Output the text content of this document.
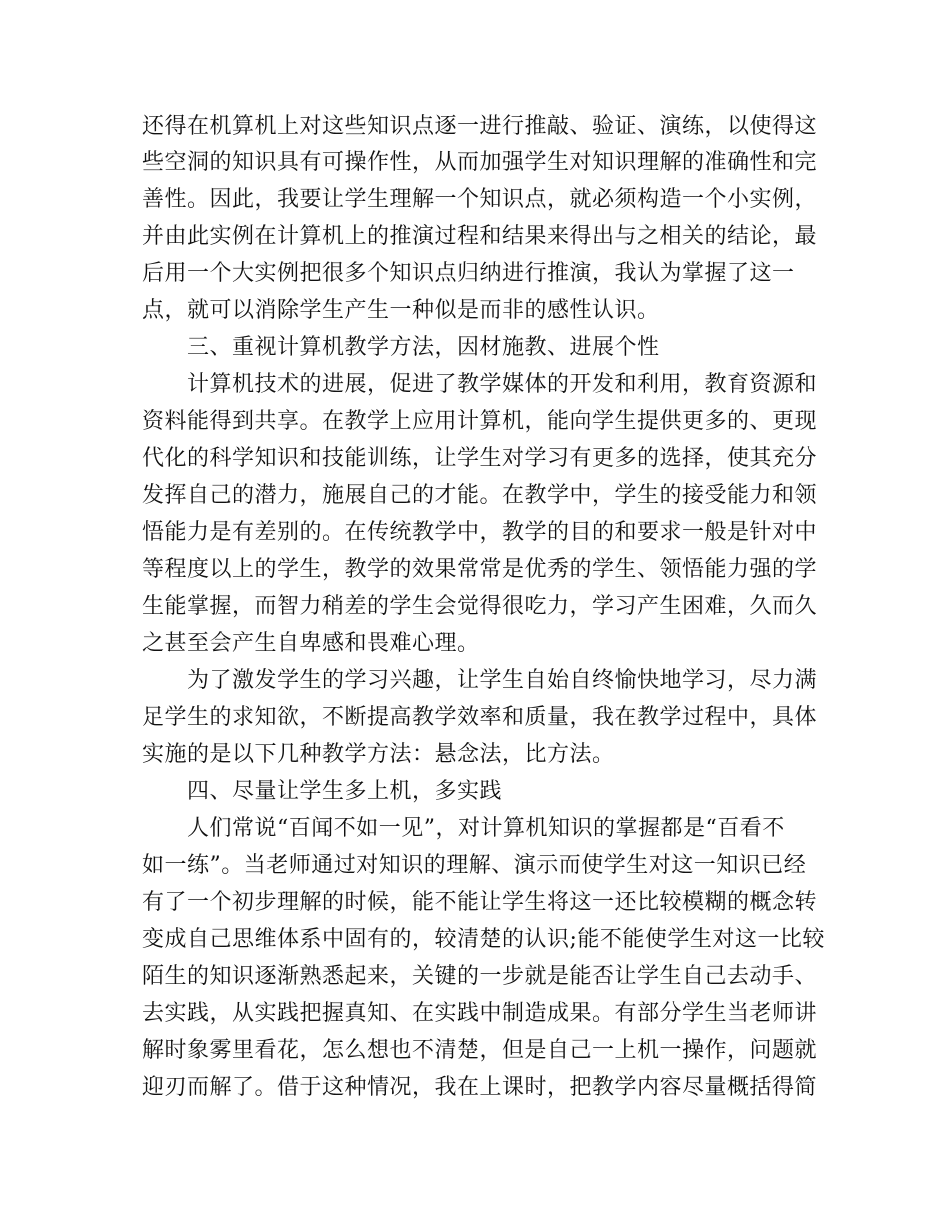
还得在机算机上对这些知识点逐一进行推敲、验证、演练，以使得这
些空洞的知识具有可操作性，从而加强学生对知识理解的准确性和完
善性。因此，我要让学生理解一个知识点，就必须构造一个小实例，
并由此实例在计算机上的推演过程和结果来得出与之相关的结论，最
后用一个大实例把很多个知识点归纳进行推演，我认为掌握了这一
点，就可以消除学生产生一种似是而非的感性认识。
三、重视计算机教学方法，因材施教、进展个性
计算机技术的进展，促进了教学媒体的开发和利用，教育资源和
资料能得到共享。在教学上应用计算机，能向学生提供更多的、更现
代化的科学知识和技能训练，让学生对学习有更多的选择，使其充分
发挥自己的潜力，施展自己的才能。在教学中，学生的接受能力和领
悟能力是有差别的。在传统教学中，教学的目的和要求一般是针对中
等程度以上的学生，教学的效果常常是优秀的学生、领悟能力强的学
生能掌握，而智力稍差的学生会觉得很吃力，学习产生困难，久而久
之甚至会产生自卑感和畏难心理。
为了激发学生的学习兴趣，让学生自始自终愉快地学习，尽力满
足学生的求知欲，不断提高教学效率和质量，我在教学过程中，具体
实施的是以下几种教学方法：悬念法，比方法。
四、尽量让学生多上机，多实践
人们常说“百闻不如一见”，对计算机知识的掌握都是“百看不
如一练”。当老师通过对知识的理解、演示而使学生对这一知识已经
有了一个初步理解的时候，能不能让学生将这一还比较模糊的概念转
变成自己思维体系中固有的，较清楚的认识;能不能使学生对这一比较
陌生的知识逐渐熟悉起来，关键的一步就是能否让学生自己去动手、
去实践，从实践把握真知、在实践中制造成果。有部分学生当老师讲
解时象雾里看花，怎么想也不清楚，但是自己一上机一操作，问题就
迎刃而解了。借于这种情况，我在上课时，把教学内容尽量概括得简
